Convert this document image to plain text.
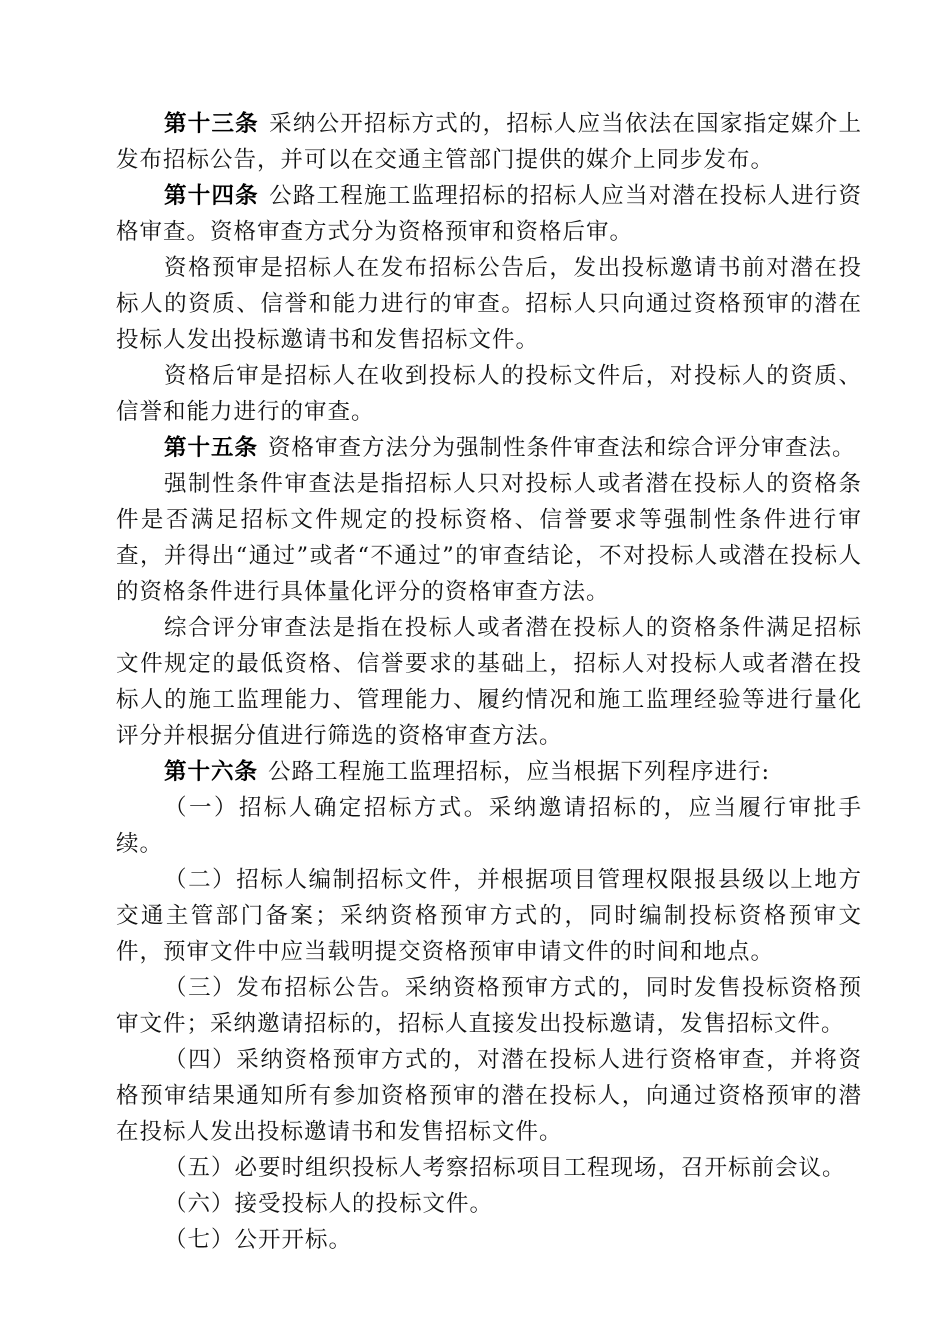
第十三条 采纳公开招标方式的，招标人应当依法在国家指定媒介上发布招标公告，并可以在交通主管部门提供的媒介上同步发布。

第十四条 公路工程施工监理招标的招标人应当对潜在投标人进行资格审查。资格审查方式分为资格预审和资格后审。

资格预审是招标人在发布招标公告后，发出投标邀请书前对潜在投标人的资质、信誉和能力进行的审查。招标人只向通过资格预审的潜在投标人发出投标邀请书和发售招标文件。

资格后审是招标人在收到投标人的投标文件后，对投标人的资质、信誉和能力进行的审查。

第十五条 资格审查方法分为强制性条件审查法和综合评分审查法。

强制性条件审查法是指招标人只对投标人或者潜在投标人的资格条件是否满足招标文件规定的投标资格、信誉要求等强制性条件进行审查，并得出“通过”或者“不通过”的审查结论，不对投标人或潜在投标人的资格条件进行具体量化评分的资格审查方法。

综合评分审查法是指在投标人或者潜在投标人的资格条件满足招标文件规定的最低资格、信誉要求的基础上，招标人对投标人或者潜在投标人的施工监理能力、管理能力、履约情况和施工监理经验等进行量化评分并根据分值进行筛选的资格审查方法。

第十六条 公路工程施工监理招标，应当根据下列程序进行:

（一）招标人确定招标方式。采纳邀请招标的，应当履行审批手续。

（二）招标人编制招标文件，并根据项目管理权限报县级以上地方交通主管部门备案；采纳资格预审方式的，同时编制投标资格预审文件，预审文件中应当载明提交资格预审申请文件的时间和地点。

（三）发布招标公告。采纳资格预审方式的，同时发售投标资格预审文件；采纳邀请招标的，招标人直接发出投标邀请，发售招标文件。

（四）采纳资格预审方式的，对潜在投标人进行资格审查，并将资格预审结果通知所有参加资格预审的潜在投标人，向通过资格预审的潜在投标人发出投标邀请书和发售招标文件。

（五）必要时组织投标人考察招标项目工程现场，召开标前会议。

（六）接受投标人的投标文件。

（七）公开开标。
